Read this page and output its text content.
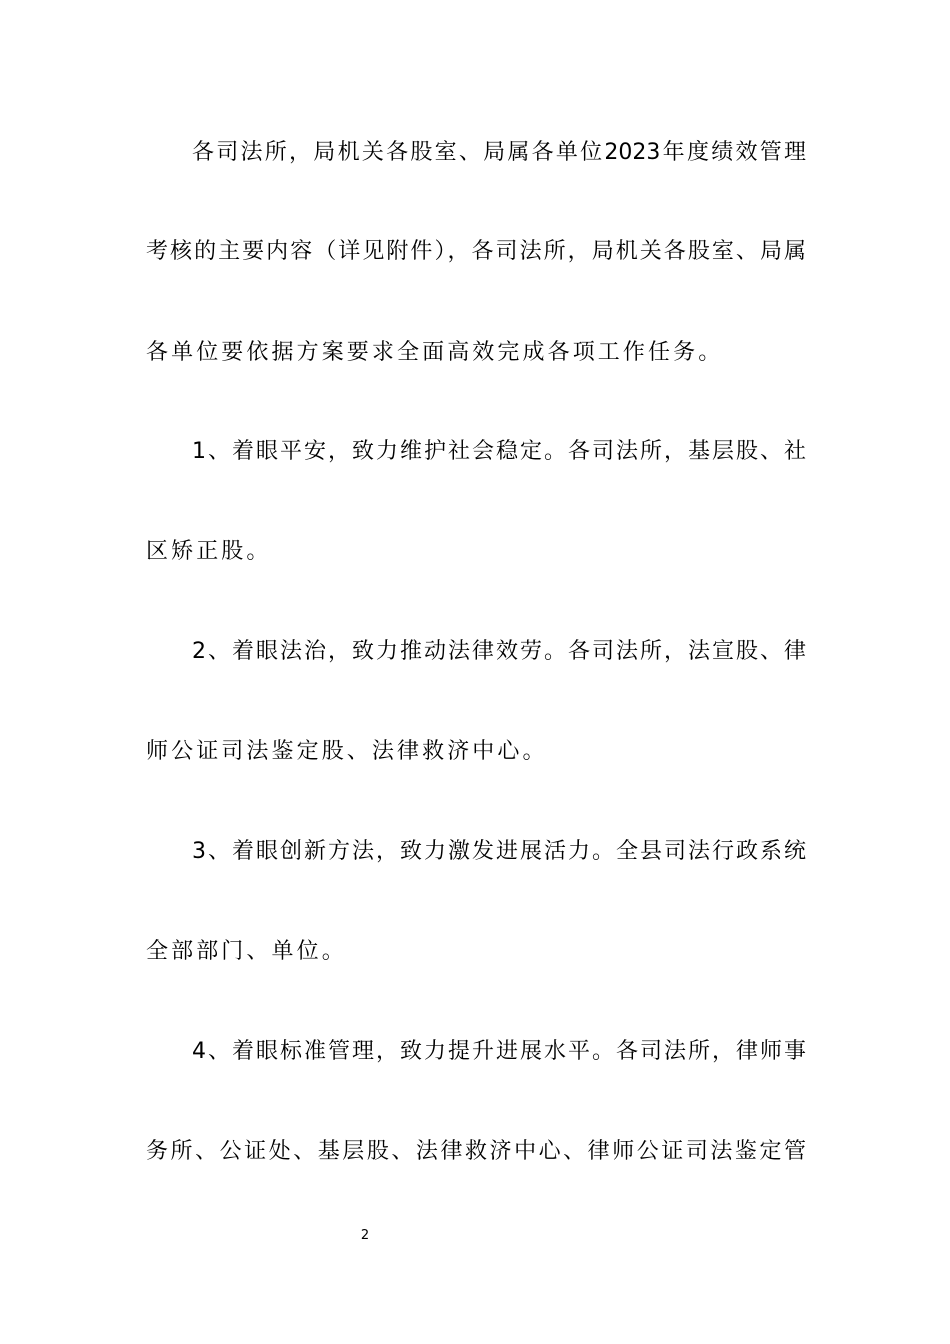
各司法所，局机关各股室、局属各单位2023年度绩效管理
考核的主要内容（详见附件），各司法所，局机关各股室、局属
各单位要依据方案要求全面高效完成各项工作任务。
1、着眼平安，致力维护社会稳定。各司法所，基层股、社
区矫正股。
2、着眼法治，致力推动法律效劳。各司法所，法宣股、律
师公证司法鉴定股、法律救济中心。
3、着眼创新方法，致力激发进展活力。全县司法行政系统
全部部门、单位。
4、着眼标准管理，致力提升进展水平。各司法所，律师事
务所、公证处、基层股、法律救济中心、律师公证司法鉴定管
2
